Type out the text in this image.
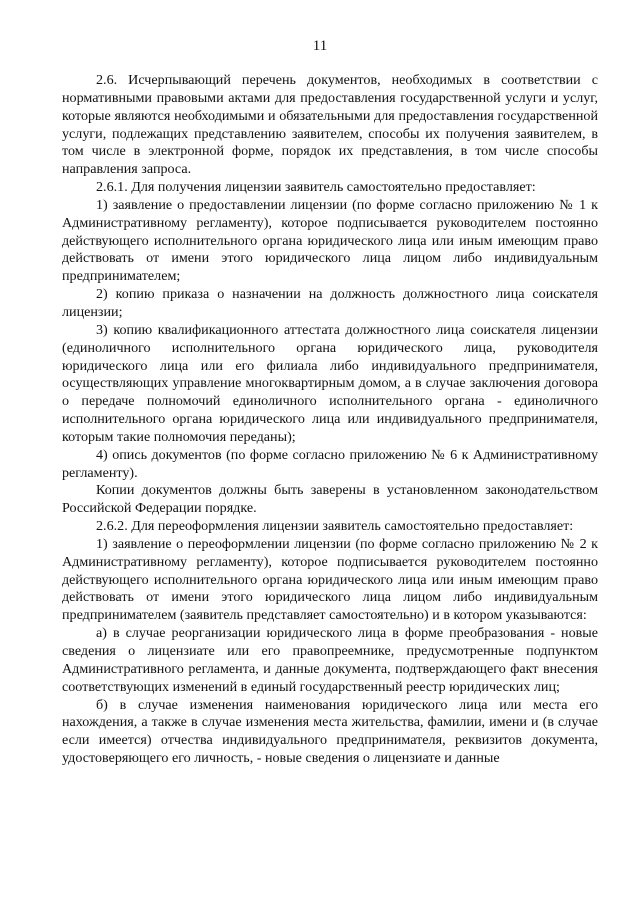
11

2.6. Исчерпывающий перечень документов, необходимых в соответствии с нормативными правовыми актами для предоставления государственной услуги и услуг, которые являются необходимыми и обязательными для предоставления государственной услуги, подлежащих представлению заявителем, способы их получения заявителем, в том числе в электронной форме, порядок их представления, в том числе способы направления запроса.

2.6.1. Для получения лицензии заявитель самостоятельно предоставляет:

1) заявление о предоставлении лицензии (по форме согласно приложению № 1 к Административному регламенту), которое подписывается руководителем постоянно действующего исполнительного органа юридического лица или иным имеющим право действовать от имени этого юридического лица лицом либо индивидуальным предпринимателем;

2) копию приказа о назначении на должность должностного лица соискателя лицензии;

3) копию квалификационного аттестата должностного лица соискателя лицензии (единоличного исполнительного органа юридического лица, руководителя юридического лица или его филиала либо индивидуального предпринимателя, осуществляющих управление многоквартирным домом, а в случае заключения договора о передаче полномочий единоличного исполнительного органа - единоличного исполнительного органа юридического лица или индивидуального предпринимателя, которым такие полномочия переданы);

4) опись документов (по форме согласно приложению № 6 к Административному регламенту).

Копии документов должны быть заверены в установленном законодательством Российской Федерации порядке.

2.6.2. Для переоформления лицензии заявитель самостоятельно предоставляет:

1) заявление о переоформлении лицензии (по форме согласно приложению № 2 к Административному регламенту), которое подписывается руководителем постоянно действующего исполнительного органа юридического лица или иным имеющим право действовать от имени этого юридического лица лицом либо индивидуальным предпринимателем (заявитель представляет самостоятельно) и в котором указываются:

а) в случае реорганизации юридического лица в форме преобразования - новые сведения о лицензиате или его правопреемнике, предусмотренные подпунктом Административного регламента, и данные документа, подтверждающего факт внесения соответствующих изменений в единый государственный реестр юридических лиц;

б) в случае изменения наименования юридического лица или места его нахождения, а также в случае изменения места жительства, фамилии, имени и (в случае если имеется) отчества индивидуального предпринимателя, реквизитов документа, удостоверяющего его личность, - новые сведения о лицензиате и данные
